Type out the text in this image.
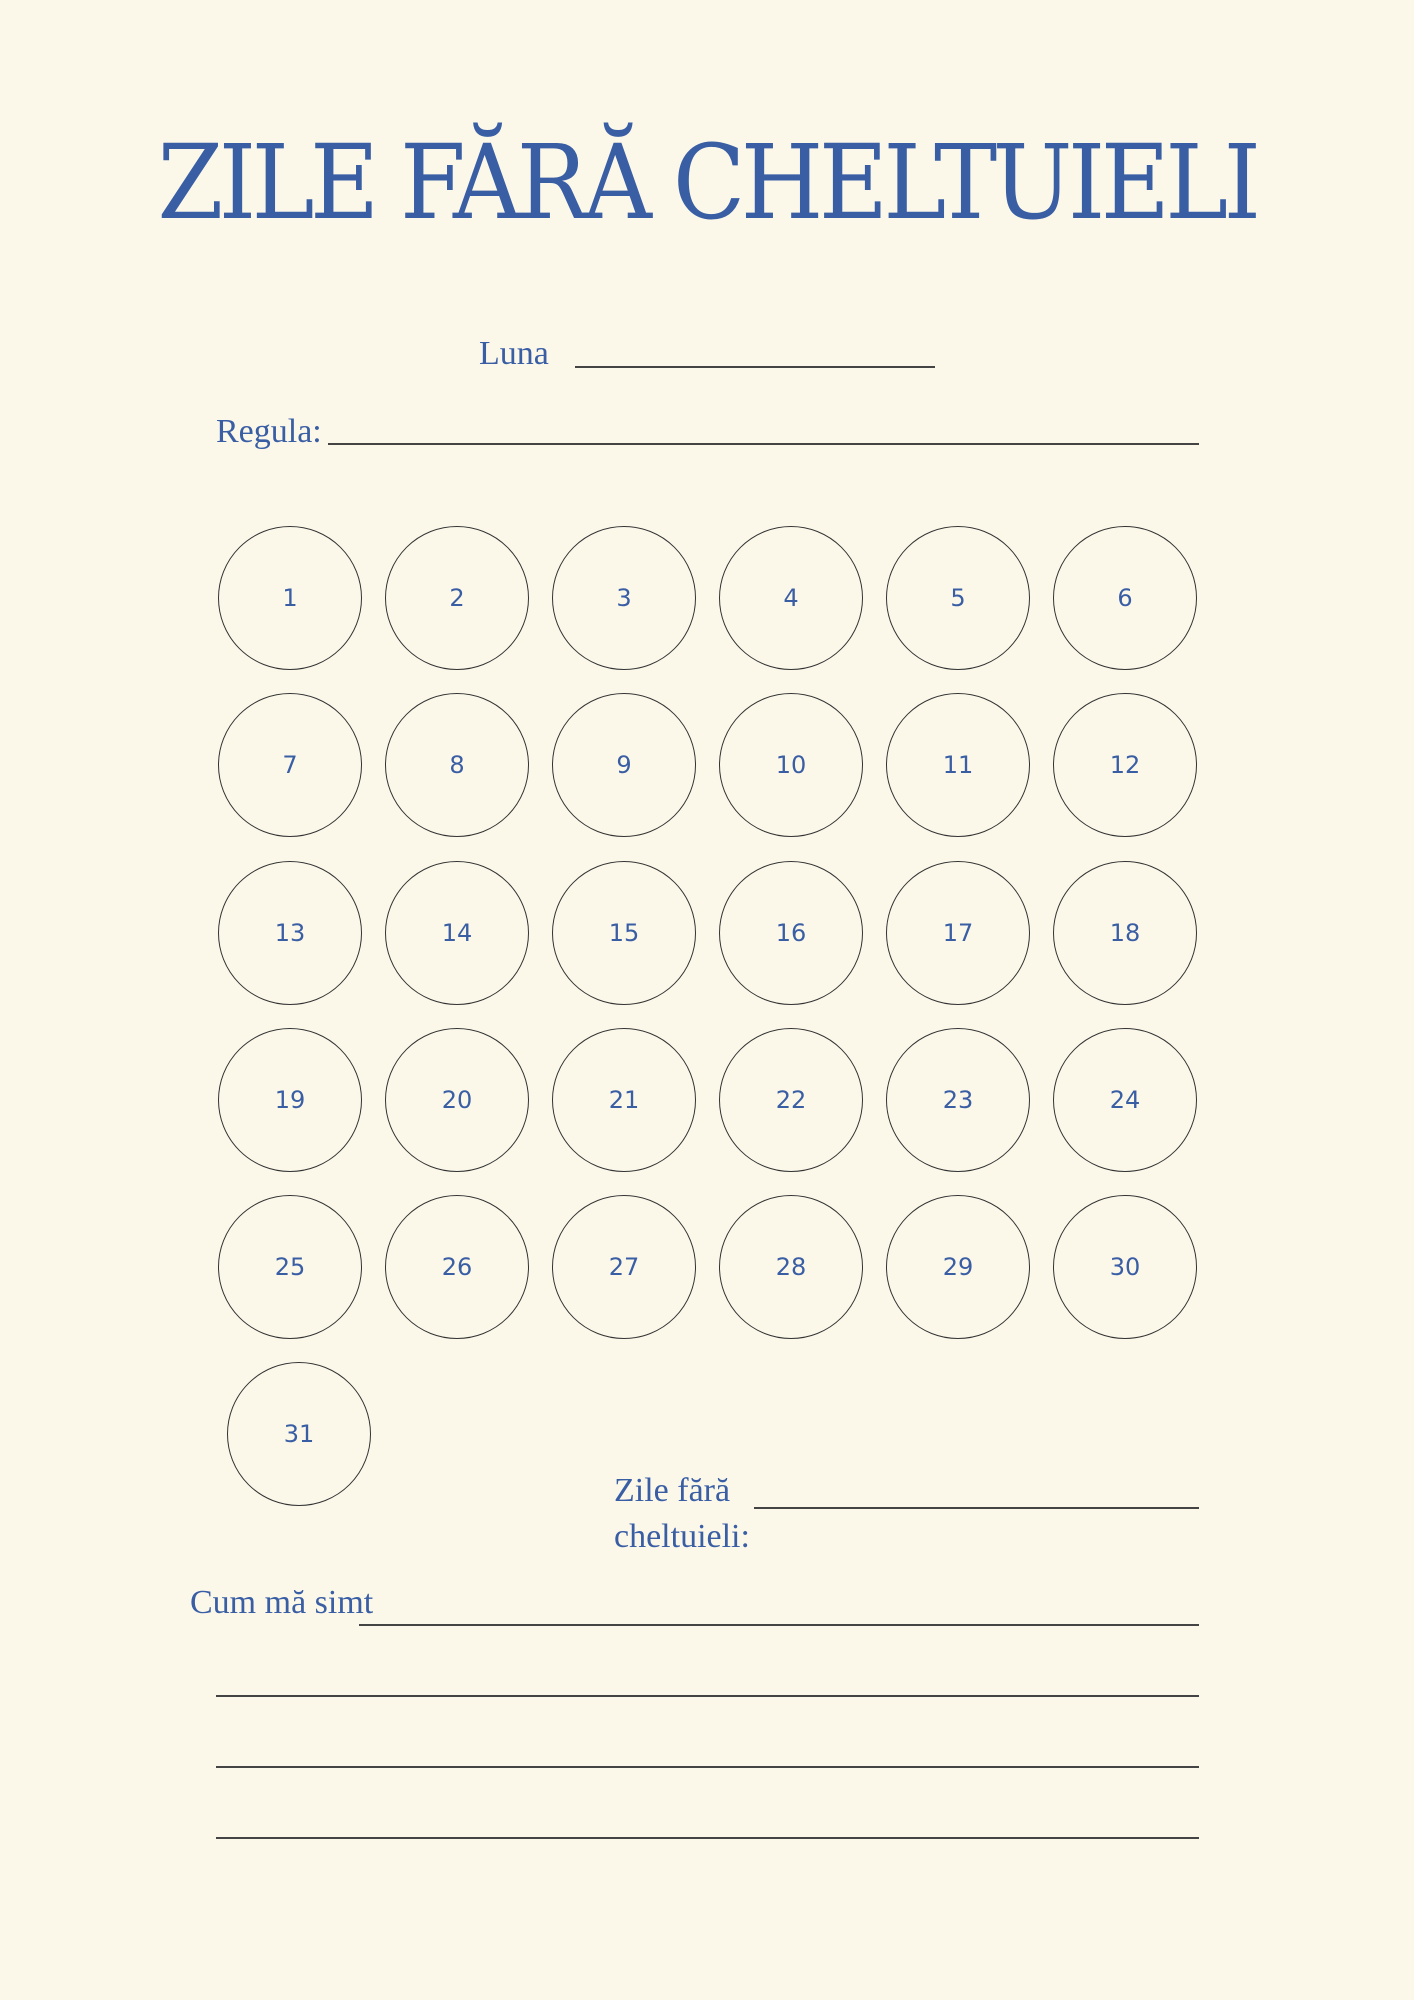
ZILE FĂRĂ CHELTUIELI
Luna
Regula:
1	2	3	4	5	6
7	8	9	10	11	12
13	14	15	16	17	18
19	20	21	22	23	24
25	26	27	28	29	30
31
Zile fără
cheltuieli:
Cum mă simt
